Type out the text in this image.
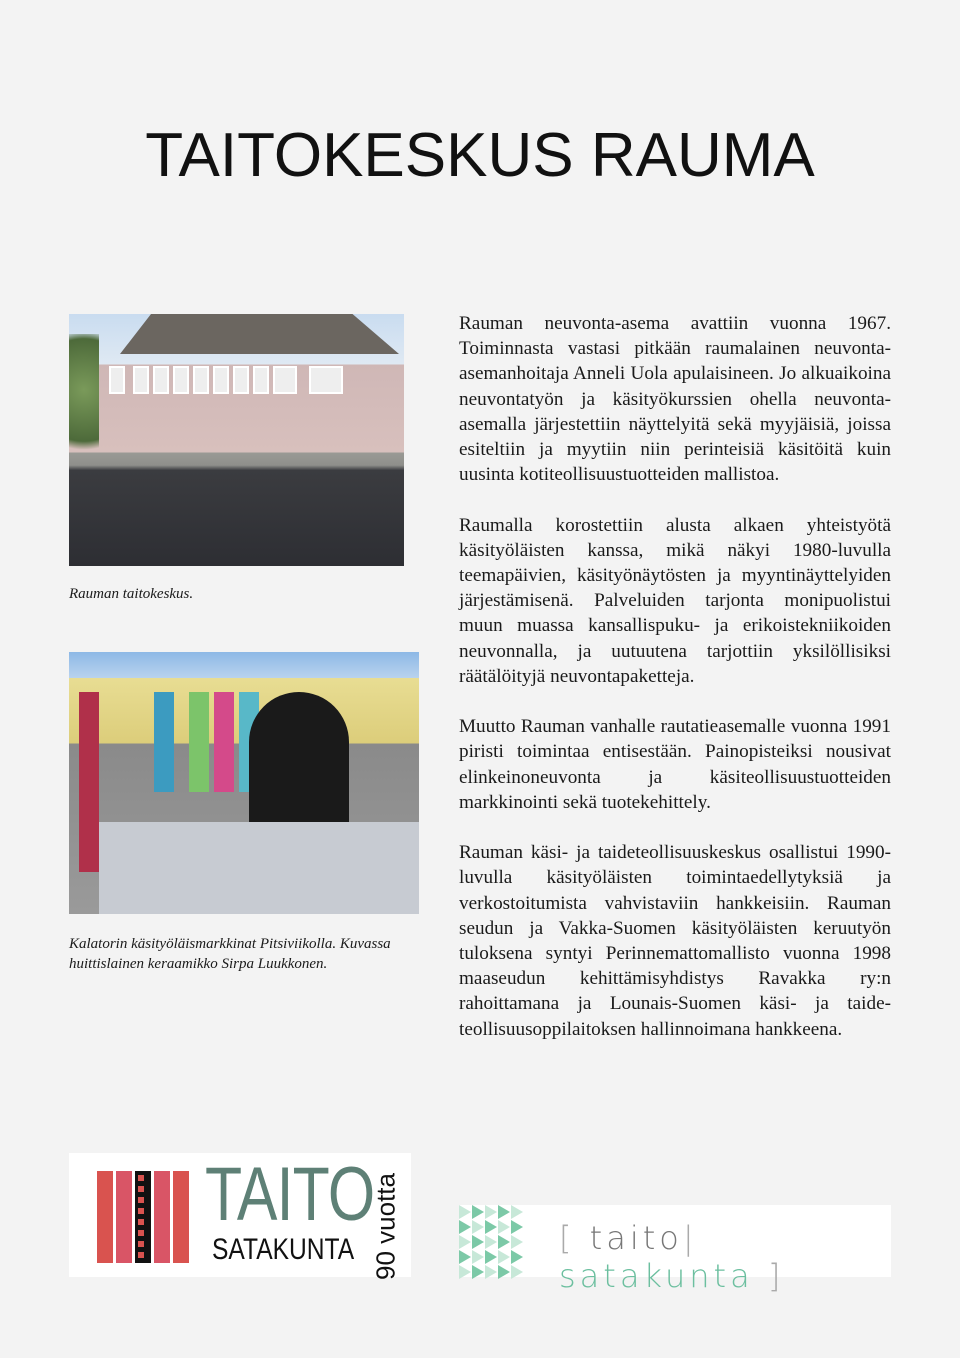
TAITOKESKUS RAUMA
Rauman taitokeskus.
Kalatorin käsityöläismarkkinat Pitsiviikolla. Kuvassa huittislainen keraamikko Sirpa Luukkonen.

Rauman neuvonta-asema avattiin vuonna 1967. Toiminnasta vastasi pitkään raumalainen neuvonta-asemanhoitaja Anneli Uola apulaisineen. Jo alkuaikoina neuvontatyön ja käsityökurssien ohella neuvonta-asemalla järjestettiin näyttelyitä sekä myyjäisiä, joissa esiteltiin ja myytiin niin perinteisiä käsitöitä kuin uusinta kotiteollisuustuotteiden mallistoa.

Raumalla korostettiin alusta alkaen yhteistyötä käsityöläisten kanssa, mikä näkyi 1980-luvulla teemapäivien, käsityönäytösten ja myyntinäyttelyiden järjestämisenä. Palveluiden tarjonta monipuolistui muun muassa kansallispuku- ja erikoistekniikoiden neuvonnalla, ja uutuutena tarjottiin yksilöllisiksi räätälöityjä neuvontapaketteja.

Muutto Rauman vanhalle rautatieasemalle vuonna 1991 piristi toimintaa entisestään. Painopisteiksi nousivat elinkeinoneuvonta ja käsiteollisuustuotteiden markkinointi sekä tuotekehittely.

Rauman käsi- ja taideteollisuuskeskus osallistui 1990-luvulla käsityöläisten toimintaedellytyksiä ja verkostoitumista vahvistaviin hankkeisiin. Rauman seudun ja Vakka-Suomen käsityöläisten keruutyön tuloksena syntyi Perinnemattomallisto vuonna 1998 maaseudun kehittämisyhdistys Ravakka ry:n rahoittamana ja Lounais-Suomen käsi- ja taideteollisuusoppilaitoksen hallinnoimana hankkeena.

TAITO
SATAKUNTA 90 vuotta	[ taito| satakunta ]
